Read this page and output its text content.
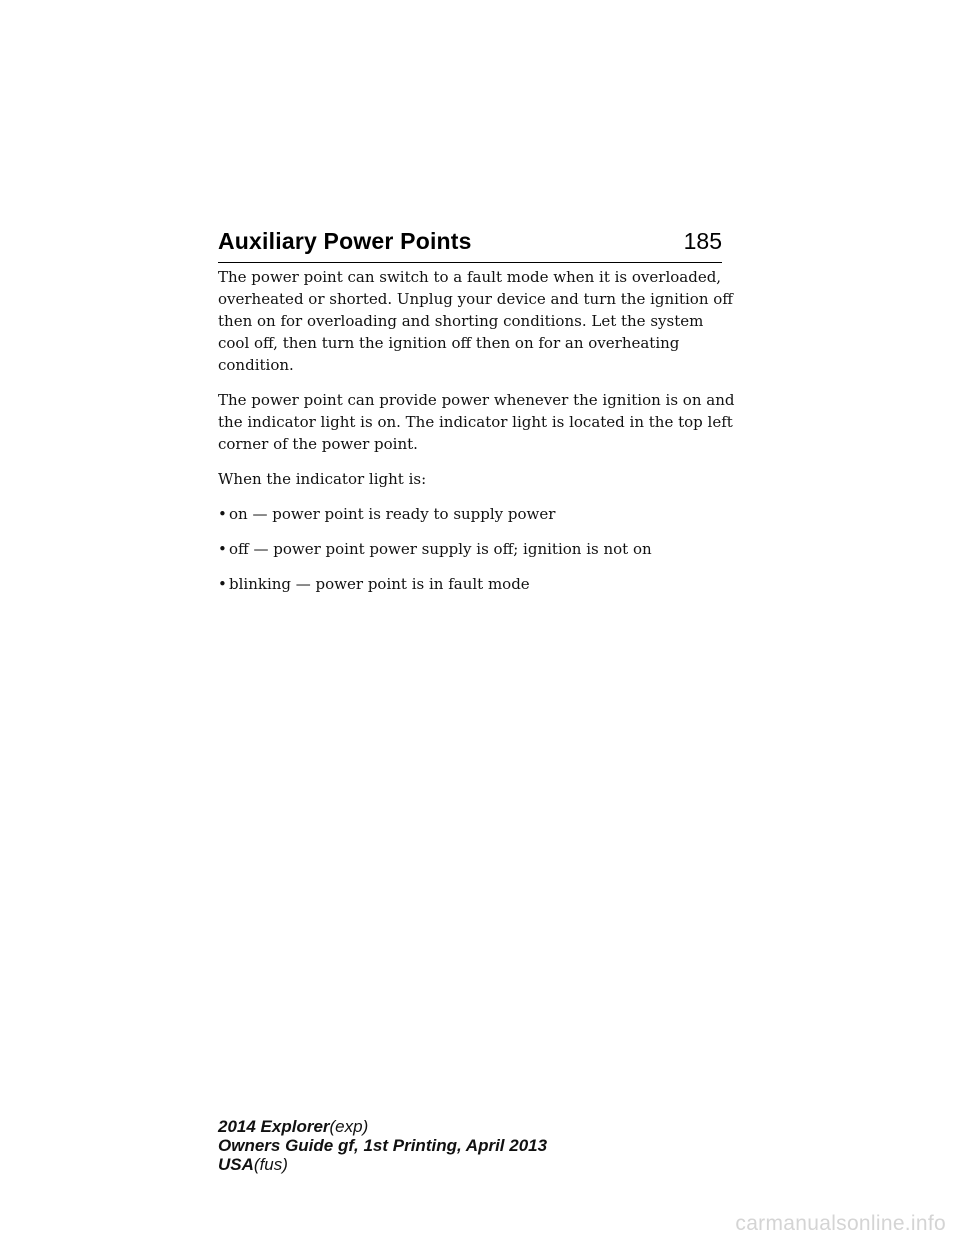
Auxiliary Power Points	185

The power point can switch to a fault mode when it is overloaded, overheated or shorted. Unplug your device and turn the ignition off then on for overloading and shorting conditions. Let the system cool off, then turn the ignition off then on for an overheating condition.

The power point can provide power whenever the ignition is on and the indicator light is on. The indicator light is located in the top left corner of the power point.

When the indicator light is:

• on — power point is ready to supply power
• off — power point power supply is off; ignition is not on
• blinking — power point is in fault mode
2014 Explorer(exp)
Owners Guide gf, 1st Printing, April 2013
USA(fus)
carmanualsonline.info
